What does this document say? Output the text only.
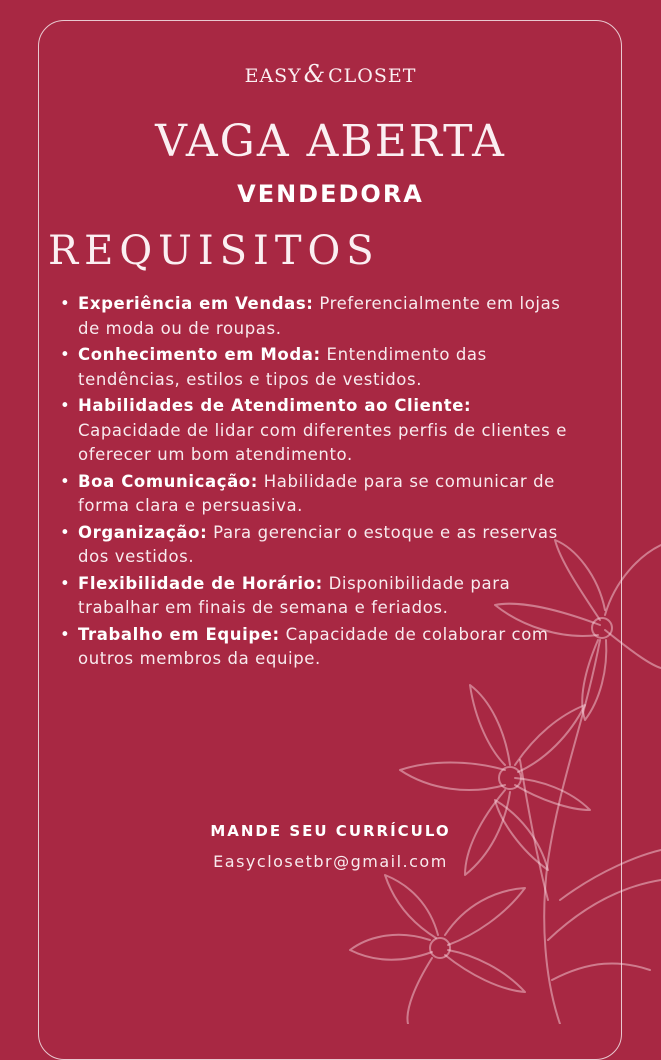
EASY& CLOSET
VAGA ABERTA
VENDEDORA
REQUISITOS
• Experiência em Vendas: Preferencialmente em lojas de moda ou de roupas.
• Conhecimento em Moda: Entendimento das tendências, estilos e tipos de vestidos.
• Habilidades de Atendimento ao Cliente: Capacidade de lidar com diferentes perfis de clientes e oferecer um bom atendimento.
• Boa Comunicação: Habilidade para se comunicar de forma clara e persuasiva.
• Organização: Para gerenciar o estoque e as reservas dos vestidos.
• Flexibilidade de Horário: Disponibilidade para trabalhar em finais de semana e feriados.
• Trabalho em Equipe: Capacidade de colaborar com outros membros da equipe.
MANDE SEU CURRÍCULO
Easyclosetbr@gmail.com
